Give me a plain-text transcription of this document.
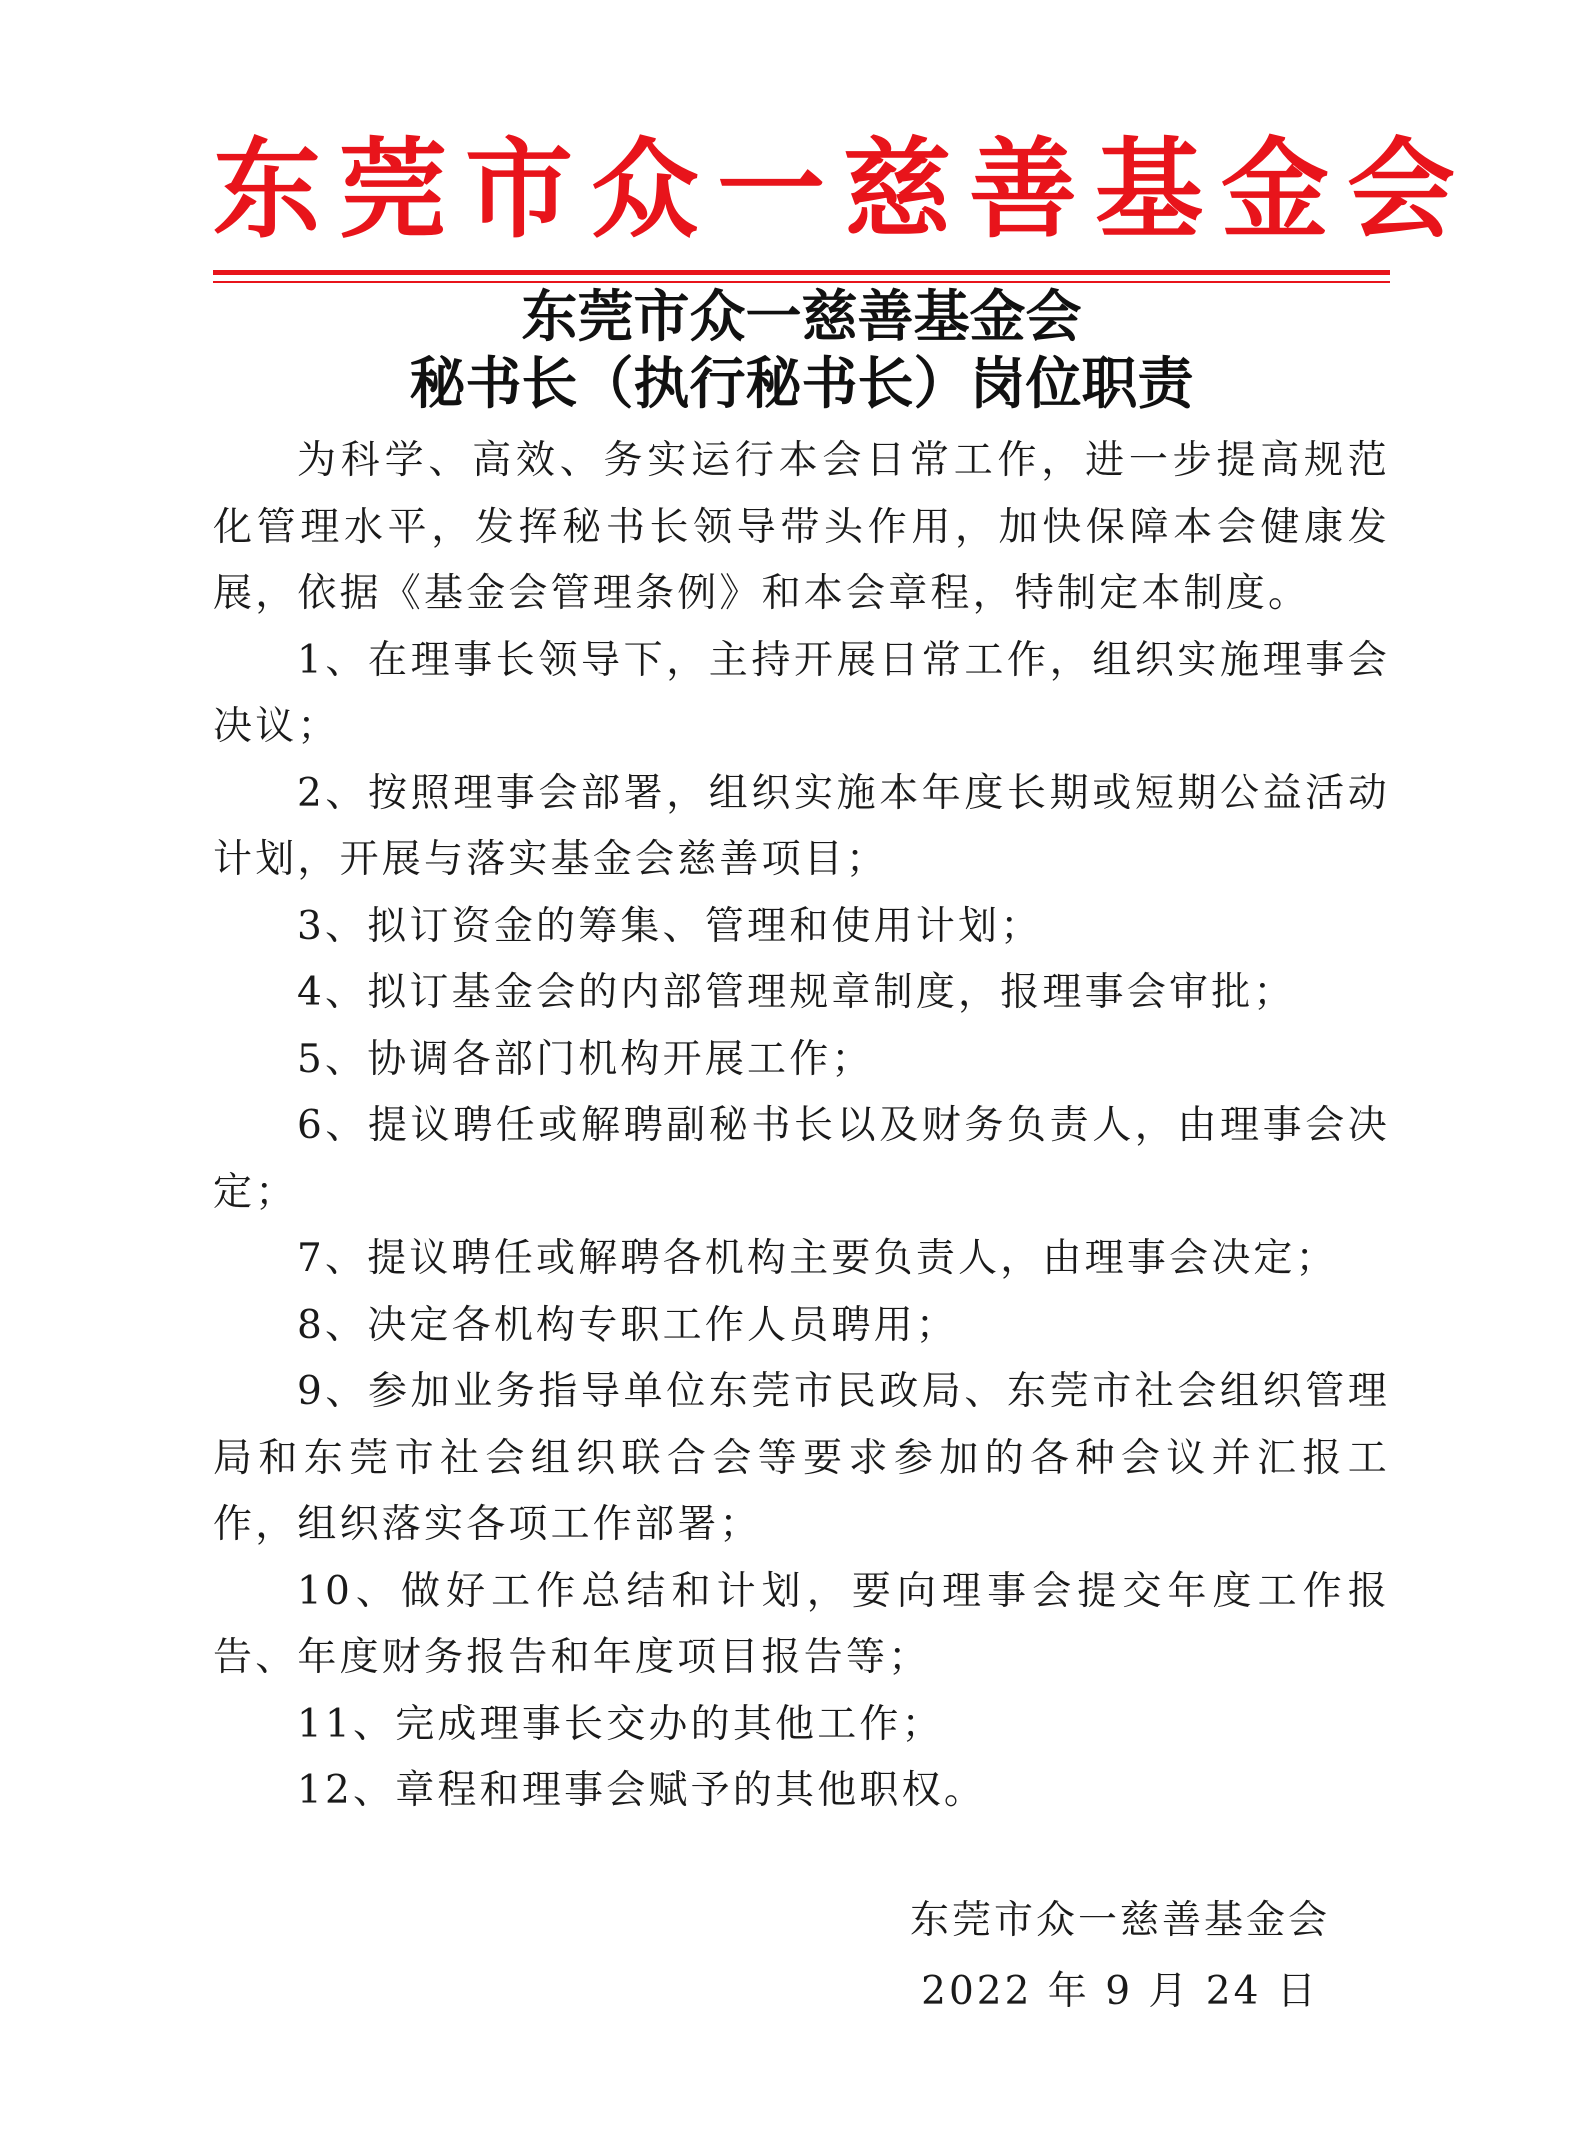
东莞市众一慈善基金会
东莞市众一慈善基金会
秘书长（执行秘书长）岗位职责

为科学、高效、务实运行本会日常工作，进一步提高规范化管理水平，发挥秘书长领导带头作用，加快保障本会健康发展，依据《基金会管理条例》和本会章程，特制定本制度。

1、在理事长领导下，主持开展日常工作，组织实施理事会决议；

2、按照理事会部署，组织实施本年度长期或短期公益活动计划，开展与落实基金会慈善项目；

3、拟订资金的筹集、管理和使用计划；

4、拟订基金会的内部管理规章制度，报理事会审批；

5、协调各部门机构开展工作；

6、提议聘任或解聘副秘书长以及财务负责人，由理事会决定；

7、提议聘任或解聘各机构主要负责人，由理事会决定；

8、决定各机构专职工作人员聘用；

9、参加业务指导单位东莞市民政局、东莞市社会组织管理局和东莞市社会组织联合会等要求参加的各种会议并汇报工作，组织落实各项工作部署；

10、做好工作总结和计划，要向理事会提交年度工作报告、年度财务报告和年度项目报告等；

11、完成理事长交办的其他工作；

12、章程和理事会赋予的其他职权。

东莞市众一慈善基金会
2022 年 9 月 24 日
